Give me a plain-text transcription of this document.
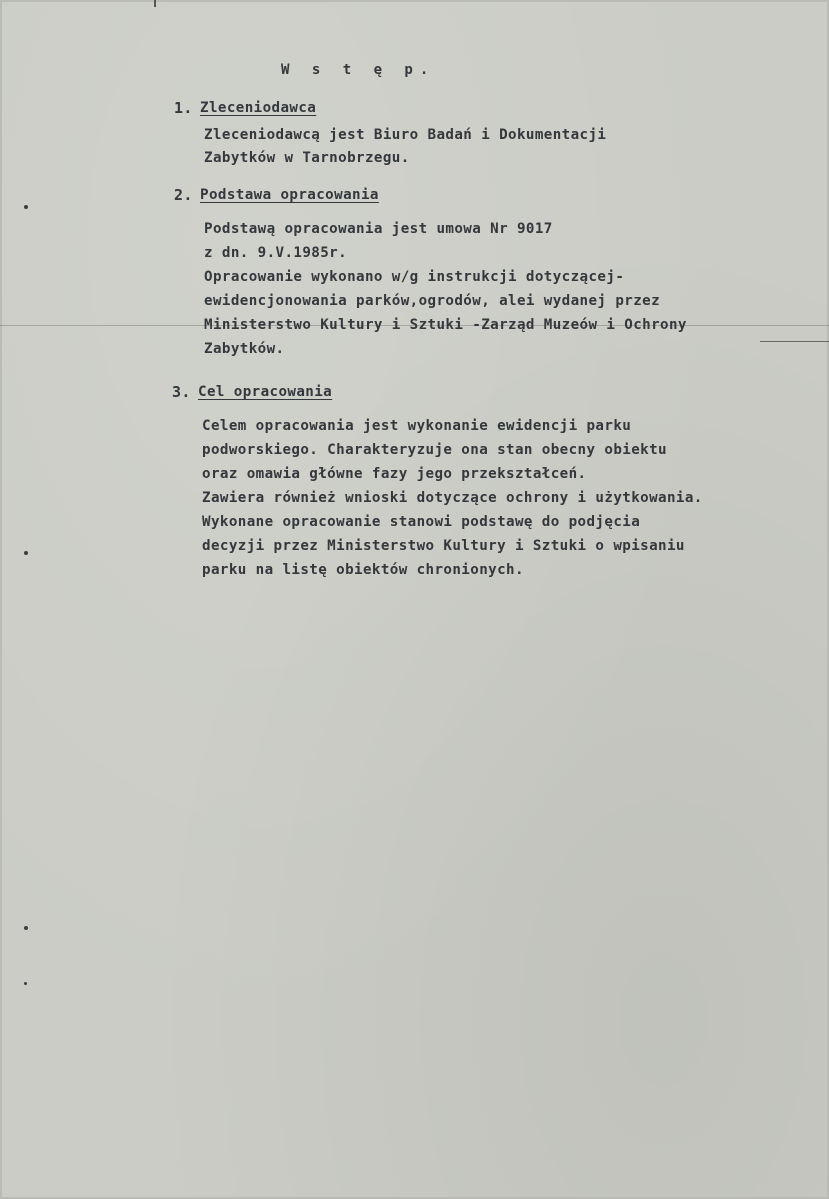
W s t ę p.
1. Zleceniodawca
Zleceniodawcą jest Biuro Badań i Dokumentacji
Zabytków w Tarnobrzegu.
2. Podstawa opracowania
Podstawą opracowania jest umowa Nr 9017
z dn. 9.V.1985r.
Opracowanie wykonano w/g instrukcji dotyczącej-
ewidencjonowania parków,ogrodów, alei wydanej przez
Ministerstwo Kultury i Sztuki -Zarząd Muzeów i Ochrony
Zabytków.
3. Cel opracowania
Celem opracowania jest wykonanie ewidencji parku
podworskiego. Charakteryzuje ona stan obecny obiektu
oraz omawia główne fazy jego przekształceń.
Zawiera również wnioski dotyczące ochrony i użytkowania.
Wykonane opracowanie stanowi podstawę do podjęcia
decyzji przez Ministerstwo Kultury i Sztuki o wpisaniu
parku na listę obiektów chronionych.
